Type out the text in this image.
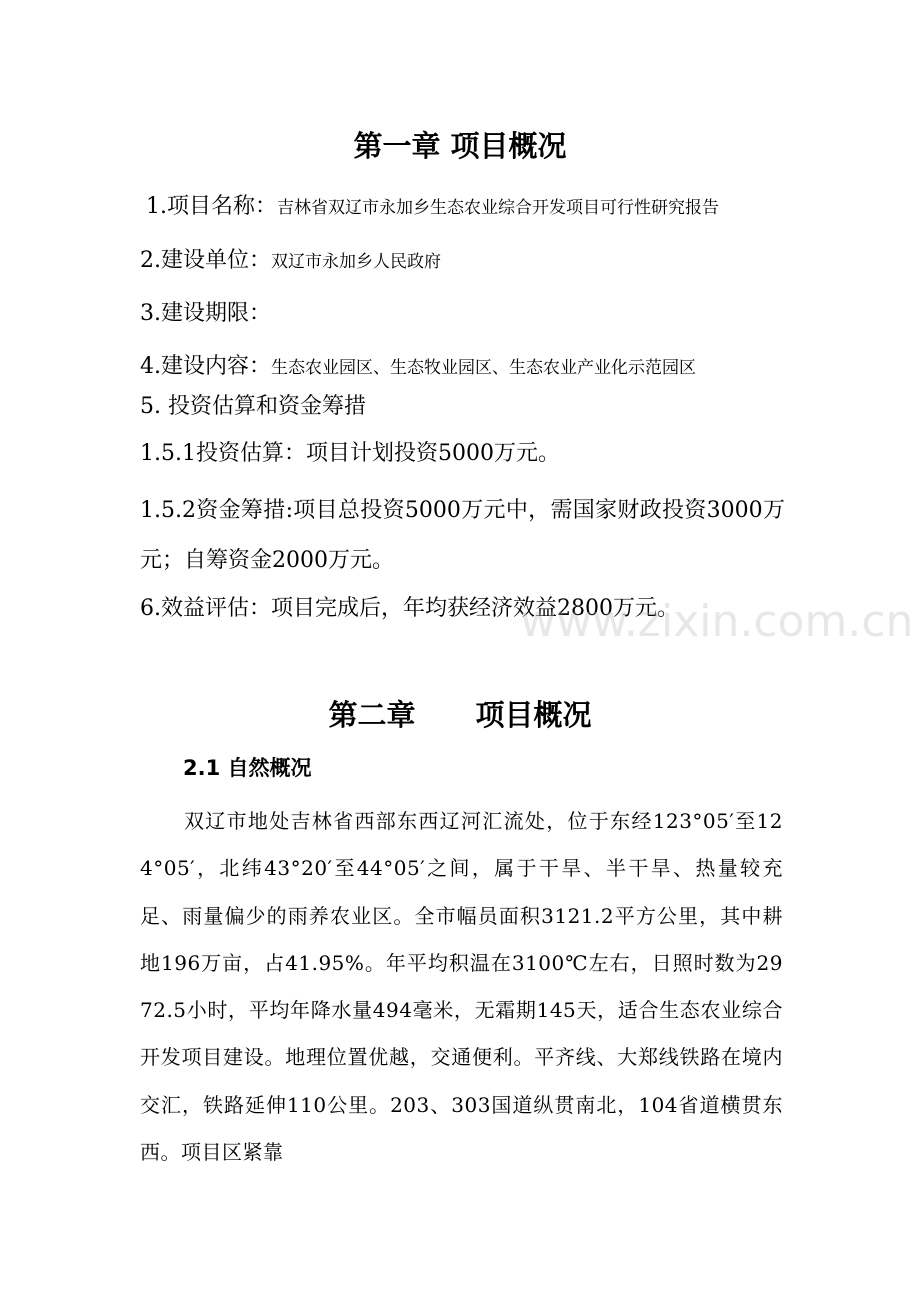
第一章 项目概况

1.项目名称：吉林省双辽市永加乡生态农业综合开发项目可行性研究报告

2.建设单位：双辽市永加乡人民政府

3.建设期限：

4.建设内容：生态农业园区、生态牧业园区、生态农业产业化示范园区

5. 投资估算和资金筹措

1.5.1投资估算：项目计划投资5000万元。

1.5.2资金筹措:项目总投资5000万元中，需国家财政投资3000万元；自筹资金2000万元。

6.效益评估：项目完成后，年均获经济效益2800万元。

www.zixin.com.cn
第二章 项目概况
2.1 自然概况

双辽市地处吉林省西部东西辽河汇流处，位于东经123°05′至124°05′，北纬43°20′至44°05′之间，属于干旱、半干旱、热量较充足、雨量偏少的雨养农业区。全市幅员面积3121.2平方公里，其中耕地196万亩，占41.95%。年平均积温在3100℃左右，日照时数为2972.5小时，平均年降水量494毫米，无霜期145天，适合生态农业综合开发项目建设。地理位置优越，交通便利。平齐线、大郑线铁路在境内交汇，铁路延伸110公里。203、303国道纵贯南北，104省道横贯东西。项目区紧靠
